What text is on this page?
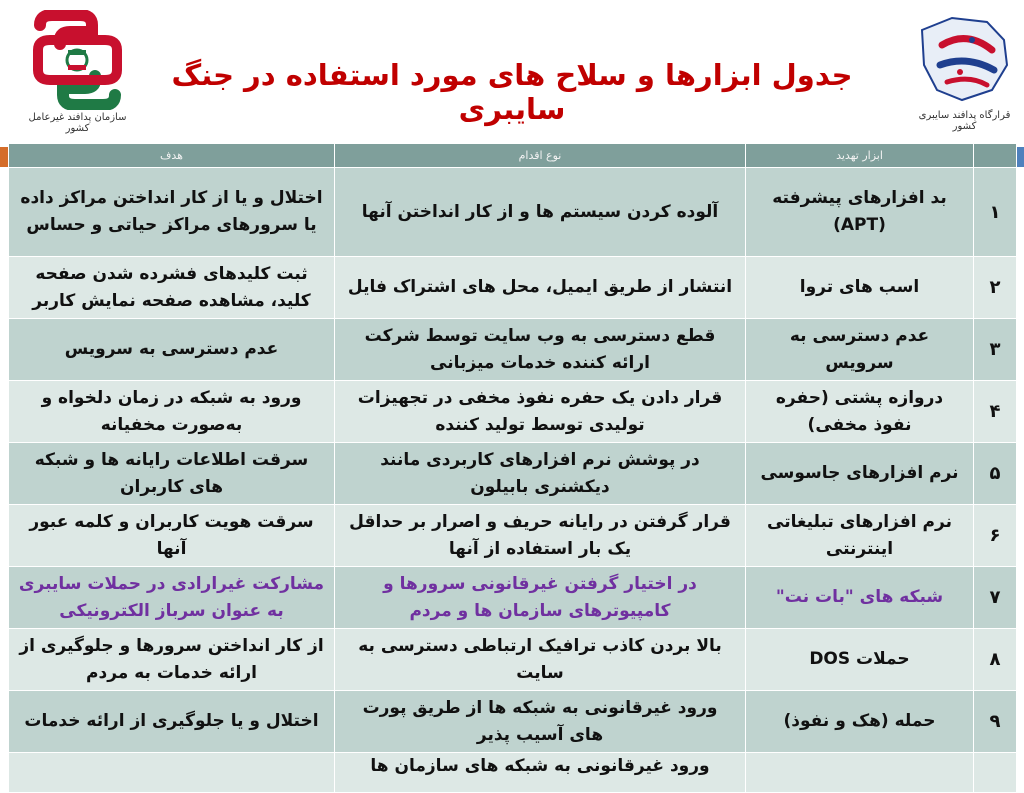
سازمان پدافند غیرعامل کشور
جدول ابزارها و سلاح های مورد استفاده در جنگ سایبری	قرارگاه پدافند سایبری کشور
	ابزار تهدید	نوع اقدام	هدف
۱	بد افزارهای پیشرفته (APT)	آلوده کردن سیستم ها و از کار انداختن آنها	اختلال و یا از کار انداختن مراکز داده یا سرورهای مراکز حیاتی و حساس
۲	اسب های تروا	انتشار از طریق ایمیل، محل های اشتراک فایل	ثبت کلیدهای فشرده شدن صفحه کلید، مشاهده صفحه نمایش کاربر
۳	عدم دسترسی به سرویس	قطع دسترسی به وب سایت توسط شرکت ارائه کننده خدمات میزبانی	عدم دسترسی به سرویس
۴	دروازه پشتی (حفره نفوذ مخفی)	قرار دادن یک حفره نفوذ مخفی در تجهیزات تولیدی توسط تولید کننده	ورود به شبکه در زمان دلخواه و به‌صورت مخفیانه
۵	نرم افزارهای جاسوسی	در پوشش نرم افزارهای کاربردی مانند دیکشنری بابیلون	سرقت اطلاعات رایانه ها و شبکه های کاربران
۶	نرم افزارهای تبلیغاتی اینترنتی	قرار گرفتن در رایانه حریف و اصرار بر حداقل یک بار استفاده از آنها	سرقت هویت کاربران و کلمه عبور آنها
۷	شبکه های "بات نت"	در اختیار گرفتن غیرقانونی سرورها و کامپیوترهای سازمان ها و مردم	مشارکت غیرارادی در حملات سایبری به عنوان سرباز الکترونیکی
۸	حملات DOS	بالا بردن کاذب ترافیک ارتباطی دسترسی به سایت	از کار انداختن سرورها و جلوگیری از ارائه خدمات به مردم
۹	حمله (هک و نفوذ)	ورود غیرقانونی به شبکه ها از طریق پورت های آسیب پذیر	اختلال و یا جلوگیری از ارائه خدمات
		ورود غیرقانونی به شبکه های سازمان ها	
